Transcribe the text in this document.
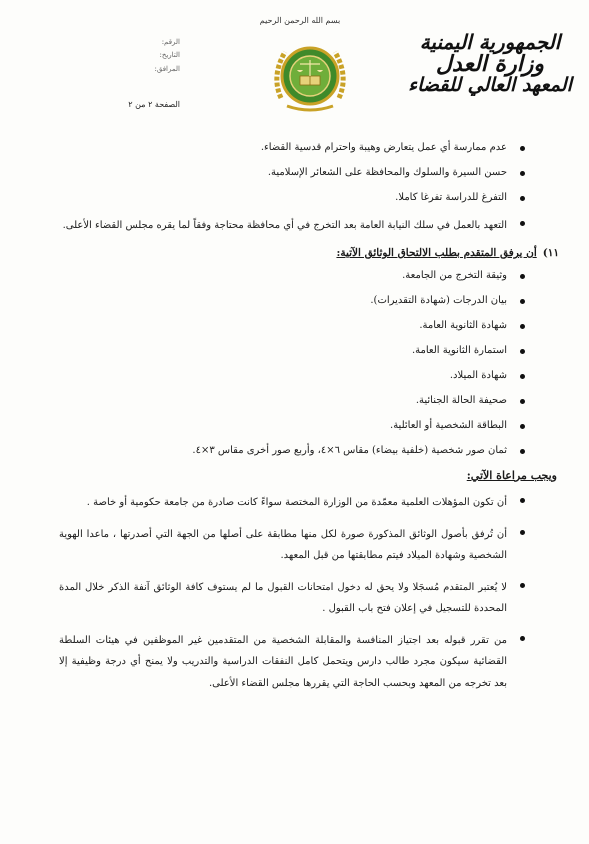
بسم الله الرحمن الرحيم
الجمهورية اليمنية
وزارة العدل
المعهد العالي للقضاء
الرقم:
التاريخ:
المرافق:
الصفحة ٢ من ٢
عدم ممارسة أي عمل يتعارض وهيبة واحترام قدسية القضاء.
حسن السيرة والسلوك والمحافظة على الشعائر الإسلامية.
التفرغ للدراسة تفرغا كاملا.
التعهد بالعمل في سلك النيابة العامة بعد التخرج في أي محافظة محتاجة وفقاً لما يقره مجلس القضاء الأعلى.
١١)
أن يرفق المتقدم بطلب الالتحاق الوثائق الآتية:
وثيقة التخرج من الجامعة.
بيان الدرجات (شهادة التقديرات).
شهادة الثانوية العامة.
استمارة الثانوية العامة.
شهادة الميلاد.
صحيفة الحالة الجنائية.
البطاقة الشخصية أو العائلية.
ثمان صور شخصية (خلفية بيضاء) مقاس ٦×٤، وأربع صور أخرى مقاس ٣×٤.
ويجب مراعاة الآتي:
أن تكون المؤهلات العلمية معمّدة من الوزارة المختصة سواءً كانت صادرة من جامعة حكومية أو خاصة .
أن تُرفق بأصول الوثائق المذكورة صورة لكل منها مطابقة على أصلها من الجهة التي أصدرتها ، ماعدا الهوية الشخصية وشهادة الميلاد فيتم مطابقتها من قبل المعهد.
لا يُعتبر المتقدم مُسجَلا ولا يحق له دخول امتحانات القبول ما لم يستوف كافة الوثائق آنفة الذكر خلال المدة المحددة للتسجيل في إعلان فتح باب القبول .
من تقرر قبوله بعد اجتياز المنافسة والمقابلة الشخصية من المتقدمين غير الموظفين في هيئات السلطة القضائية سيكون مجرد طالب دارس ويتحمل كامل النفقات الدراسية والتدريب ولا يمنح أي درجة وظيفية إلا بعد تخرجه من المعهد وبحسب الحاجة التي يقررها مجلس القضاء الأعلى.
